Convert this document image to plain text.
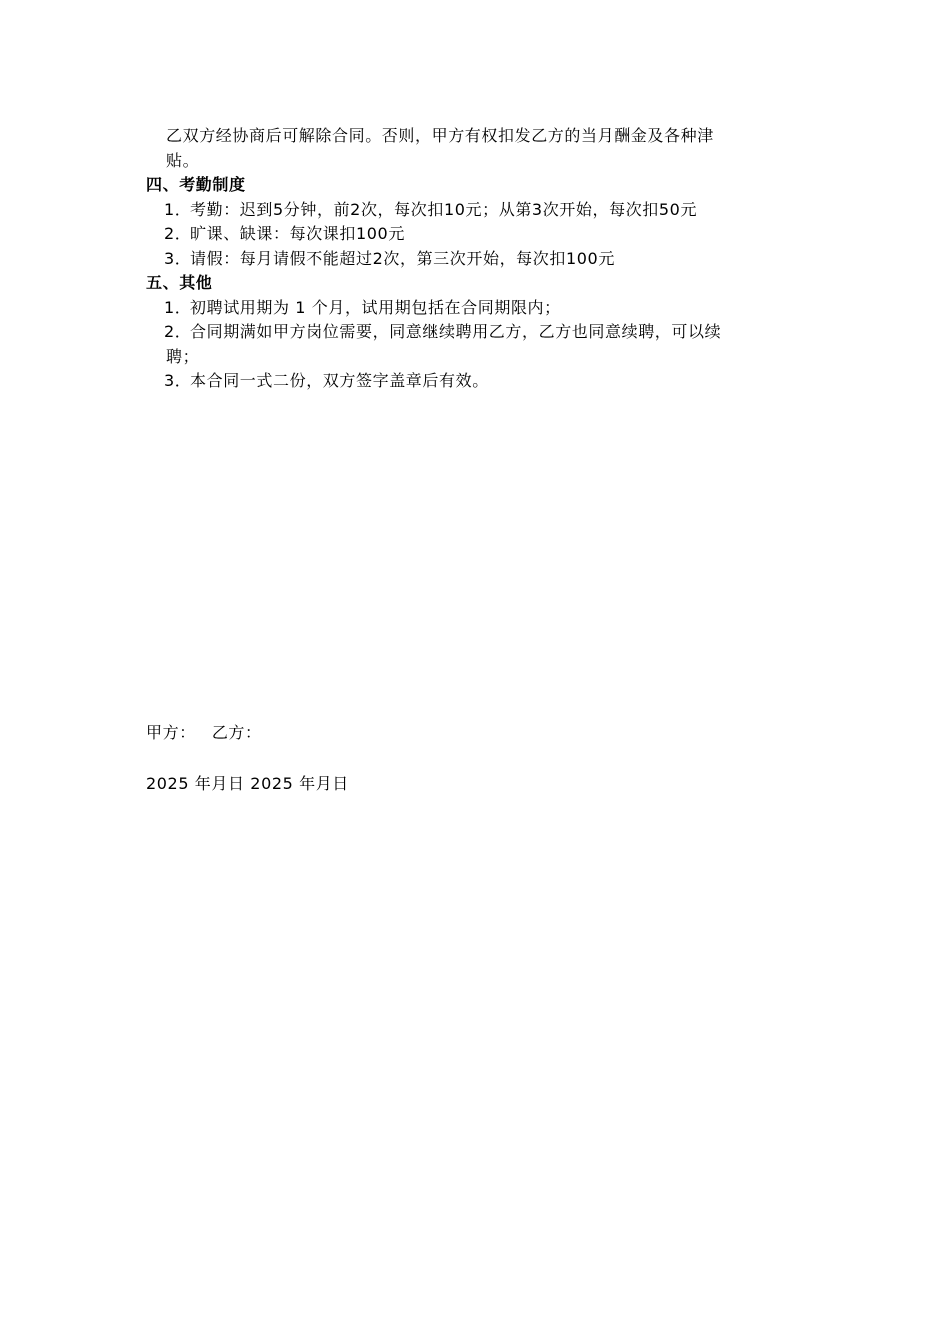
乙双方经协商后可解除合同。否则，甲方有权扣发乙方的当月酬金及各种津
贴。
四、考勤制度
1．
考勤：迟到5分钟，前2次，每次扣10元；从第3次开始，每次扣50元
2．
旷课、缺课：每次课扣100元
3．
请假：每月请假不能超过2次，第三次开始，每次扣100元
五、其他
1．
初聘试用期为 1 个月，试用期包括在合同期限内；
2．
合同期满如甲方岗位需要，同意继续聘用乙方，乙方也同意续聘，可以续
聘；
3．
本合同一式二份，双方签字盖章后有效。
甲方： 乙方：
2025 年月日 2025 年月日
